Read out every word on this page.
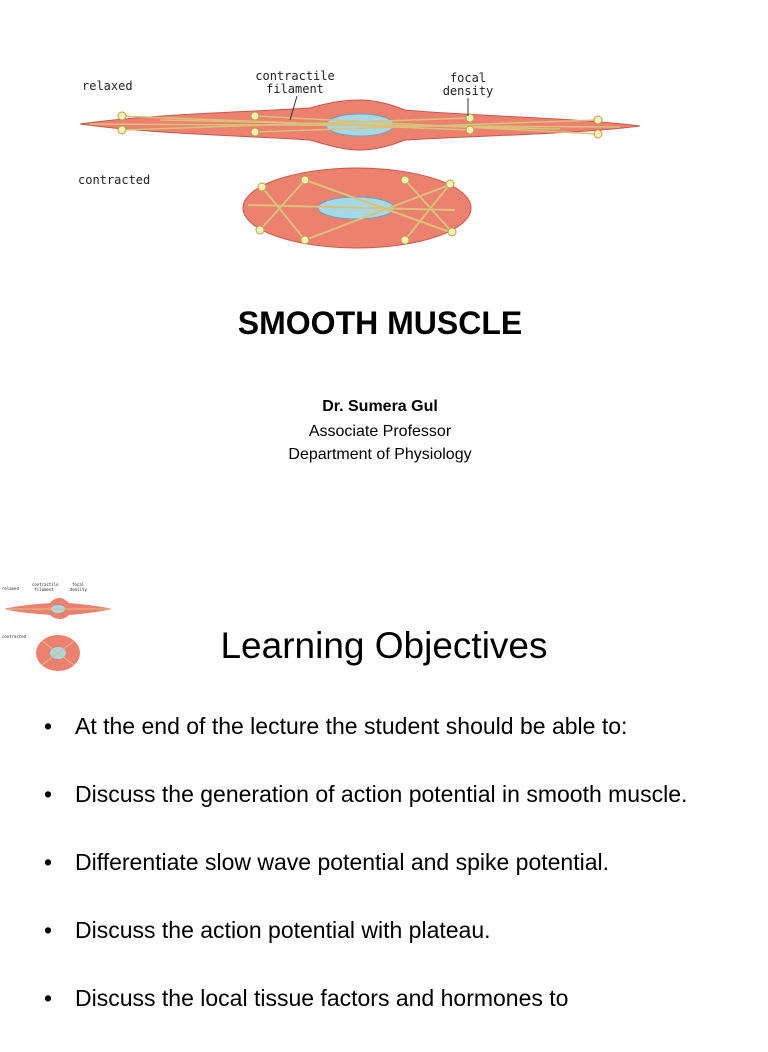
relaxed
contractile filament
focal density
contracted
SMOOTH MUSCLE
Dr. Sumera Gul
Associate Professor
Department of Physiology
relaxed
contractile filament
focal density
contracted	Learning Objectives
• At the end of the lecture the student should be able to:
• Discuss the generation of action potential in smooth muscle.
• Differentiate slow wave potential and spike potential.
• Discuss the action potential with plateau.
• Discuss the local tissue factors and hormones to
